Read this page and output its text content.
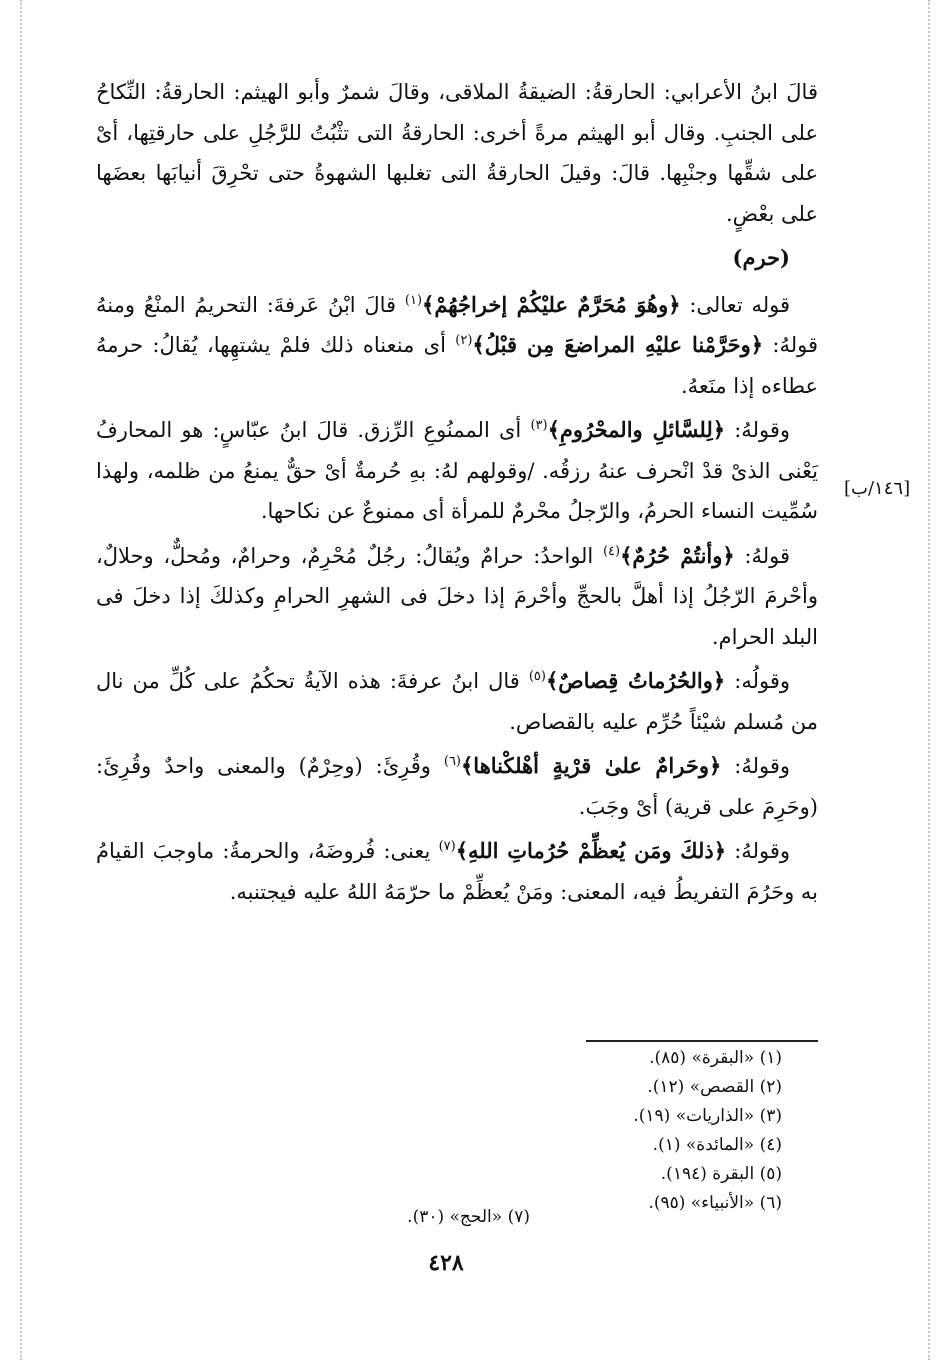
قالَ ابنُ الأعرابي: الحارقةُ: الضيقةُ الملاقى، وقالَ شمرٌ وأبو الهيثم: الحارقةُ: النِّكاحُ على الجنبِ. وقال أبو الهيثم مرةً أخرى: الحارقةُ التى تثْبُتُ للرَّجُلِ على حارقتِها، أىْ على شقِّها وجنْبِها. قالَ: وقيلَ الحارقةُ التى تغلبها الشهوةُ حتى تحْرِقَ أنيابَها بعضَها على بعْضٍ.

(حرم)

قوله تعالى: ﴿وهُوَ مُحَرَّمٌ عليْكُمْ إخراجُهُمْ﴾$^{(١)}$ قالَ ابْنُ عَرفةَ: التحريمُ المنْعُ ومنهُ قولهُ: ﴿وحَرَّمْنا عليْهِ المراضعَ مِن قبْلُ﴾$^{(٢)}$ أى منعناه ذلك فلمْ يشتهِها، يُقالُ: حرمهُ عطاءه إذا منَعهُ.

وقولهُ: ﴿لِلسَّائلِ والمحْرُومِ﴾$^{(٣)}$ أى الممنُوعِ الرِّزق. قالَ ابنُ عبّاسٍ: هو المحارفُ يَعْنى الذىْ قدْ انْحرف عنهُ رزقُه. /وقولهم لهُ: بهِ حُرمةٌ أىْ حقٌّ يمنعُ من ظلمه، ولهذا سُمِّيت النساء الحرمُ، والرّجلُ محْرمٌ للمرأة أى ممنوعٌ عن نكاحها.

قولهُ: ﴿وأنتُمْ حُرُمٌ﴾$^{(٤)}$ الواحدُ: حرامٌ ويُقالُ: رجُلٌ مُحْرِمٌ، وحرامٌ، ومُحلٌّ، وحلالٌ، وأحْرمَ الرّجُلُ إذا أهلَّ بالحجِّ وأحْرمَ إذا دخلَ فى الشهرِ الحرامِ وكذلكَ إذا دخلَ فى البلد الحرام.

وقولُه: ﴿والحُرُماتُ قِصاصٌ﴾$^{(٥)}$ قال ابنُ عرفةَ: هذه الآيةُ تحكُمُ على كُلِّ من نال من مُسلم شيْئاً حُرِّم عليه بالقصاص.

وقولهُ: ﴿وحَرامٌ علىٰ قرْيةٍ أهْلكْناها﴾$^{(٦)}$ وقُرِئَ: (وحِرْمٌ) والمعنى واحدٌ وقُرِئَ: (وحَرِمَ على قرية) أىْ وجَبَ.

وقولهُ: ﴿ذلكَ ومَن يُعظِّمْ حُرُماتِ اللهِ﴾$^{(٧)}$ يعنى: فُروضَهُ، والحرمةُ: ماوجبَ القيامُ به وحَرُمَ التفريطُ فيه، المعنى: ومَنْ يُعظِّمْ ما حرّمَهُ اللهُ عليه فيجتنبه.

[١٤٦/ب]
(١) «البقرة» (٨٥).
(٢) القصص» (١٢).
(٣) «الذاريات» (١٩).
(٤) «المائدة» (١).
(٥) البقرة (١٩٤).
(٦) «الأنبياء» (٩٥).
(٧) «الحج» (٣٠).
٤٢٨
